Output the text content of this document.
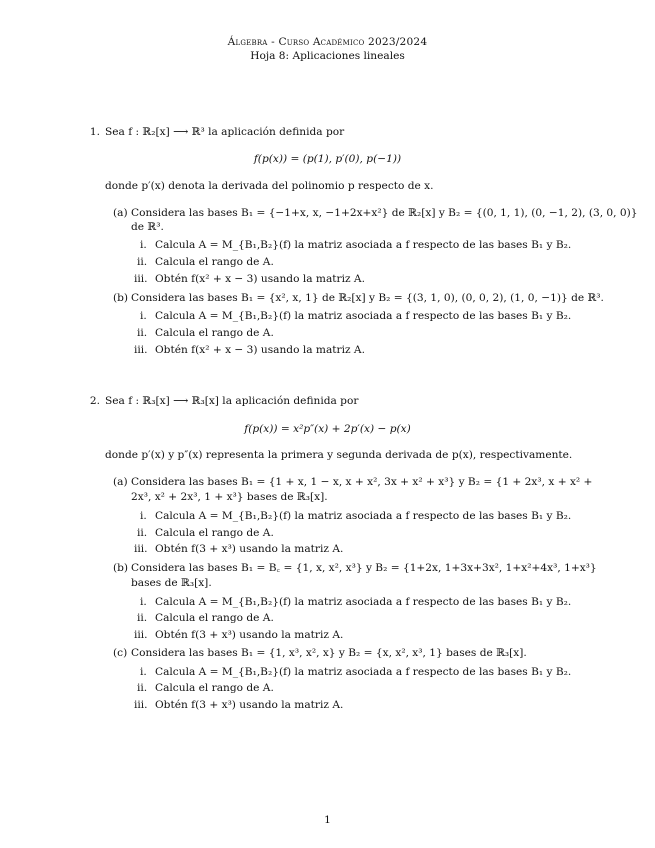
Álgebra - Curso Académico 2023/2024
Hoja 8: Aplicaciones lineales
1. Sea f : ℝ₂[x] ⟶ ℝ³ la aplicación definida por
f(p(x)) = (p(1), p′(0), p(−1))
donde p′(x) denota la derivada del polinomio p respecto de x.
(a) Considera las bases B₁ = {−1+x, x, −1+2x+x²} de ℝ₂[x] y B₂ = {(0, 1, 1), (0, −1, 2), (3, 0, 0)}
de ℝ³.
i. Calcula A = M_{B₁,B₂}(f) la matriz asociada a f respecto de las bases B₁ y B₂.
ii. Calcula el rango de A.
iii. Obtén f(x² + x − 3) usando la matriz A.
(b) Considera las bases B₁ = {x², x, 1} de ℝ₂[x] y B₂ = {(3, 1, 0), (0, 0, 2), (1, 0, −1)} de ℝ³.
i. Calcula A = M_{B₁,B₂}(f) la matriz asociada a f respecto de las bases B₁ y B₂.
ii. Calcula el rango de A.
iii. Obtén f(x² + x − 3) usando la matriz A.
2. Sea f : ℝ₃[x] ⟶ ℝ₃[x] la aplicación definida por
f(p(x)) = x²p″(x) + 2p′(x) − p(x)
donde p′(x) y p″(x) representa la primera y segunda derivada de p(x), respectivamente.
(a) Considera las bases B₁ = {1 + x, 1 − x, x + x², 3x + x² + x³} y B₂ = {1 + 2x³, x + x² +
2x³, x² + 2x³, 1 + x³} bases de ℝ₃[x].
i. Calcula A = M_{B₁,B₂}(f) la matriz asociada a f respecto de las bases B₁ y B₂.
ii. Calcula el rango de A.
iii. Obtén f(3 + x³) usando la matriz A.
(b) Considera las bases B₁ = B꜀ = {1, x, x², x³} y B₂ = {1+2x, 1+3x+3x², 1+x²+4x³, 1+x³}
bases de ℝ₃[x].
i. Calcula A = M_{B₁,B₂}(f) la matriz asociada a f respecto de las bases B₁ y B₂.
ii. Calcula el rango de A.
iii. Obtén f(3 + x³) usando la matriz A.
(c) Considera las bases B₁ = {1, x³, x², x} y B₂ = {x, x², x³, 1} bases de ℝ₃[x].
i. Calcula A = M_{B₁,B₂}(f) la matriz asociada a f respecto de las bases B₁ y B₂.
ii. Calcula el rango de A.
iii. Obtén f(3 + x³) usando la matriz A.
1
